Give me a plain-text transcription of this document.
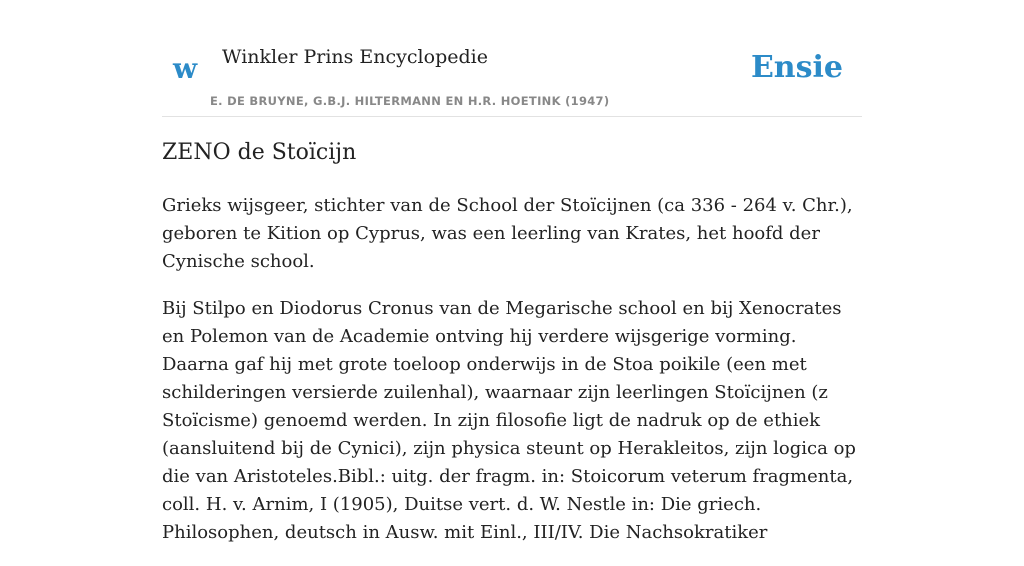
w Winkler Prins Encyclopedie
E. DE BRUYNE, G.B.J. HILTERMANN EN H.R. HOETINK (1947)
Ensie
ZENO de Stoïcijn

Grieks wijsgeer, stichter van de School der Stoïcijnen (ca 336 - 264 v. Chr.), geboren te Kition op Cyprus, was een leerling van Krates, het hoofd der Cynische school.

Bij Stilpo en Diodorus Cronus van de Megarische school en bij Xenocrates en Polemon van de Academie ontving hij verdere wijsgerige vorming. Daarna gaf hij met grote toeloop onderwijs in de Stoa poikile (een met schilderingen versierde zuilenhal), waarnaar zijn leerlingen Stoïcijnen (z Stoïcisme) genoemd werden. In zijn filosofie ligt de nadruk op de ethiek (aansluitend bij de Cynici), zijn physica steunt op Herakleitos, zijn logica op die van Aristoteles.Bibl.: uitg. der fragm. in: Stoicorum veterum fragmenta, coll. H. v. Arnim, I (1905), Duitse vert. d. W. Nestle in: Die griech. Philosophen, deutsch in Ausw. mit Einl., III/IV. Die Nachsokratiker
